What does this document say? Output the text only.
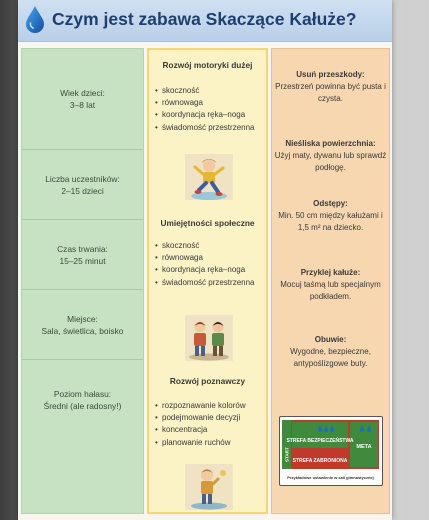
Czym jest zabawa Skaczące Kałuże?
Wiek dzieci:
3–8 lat
Liczba uczestników:
2–15 dzieci
Czas trwania:
15–25 minut
Miejsce:
Sala, świetlica, boisko
Poziom hałasu:
Średni (ale radosny!)
Rozwój motoryki dużej
• skoczność
• równowaga
• koordynacja ręka–noga
• świadomość przestrzenna
Umiejętności społeczne
• skoczność
• równowaga
• koordynacja ręka–noga
• świadomość przestrzenna
Rozwój poznawczy
• rozpoznawanie kolorów
• podejmowanie decyzji
• koncentracja
• planowanie ruchów
Usuń przeszkody:
Przestrzeń powinna być pusta i czysta.
Nieśliska powierzchnia:
Użyj maty, dywanu lub sprawdź podłogę.
Odstępy:
Min. 50 cm między kałużami i 1,5 m² na dziecko.
Przyklej kałuże:
Mocuj taśmą lub specjalnym podkładem.
Obuwie:
Wygodne, bezpieczne, antypoślizgowe buty.
START
STREFA BEZPIECZEŃSTWA
META
STREFA ZABRONIONA
Przykładowe ustawienie w sali gimnastycznej
